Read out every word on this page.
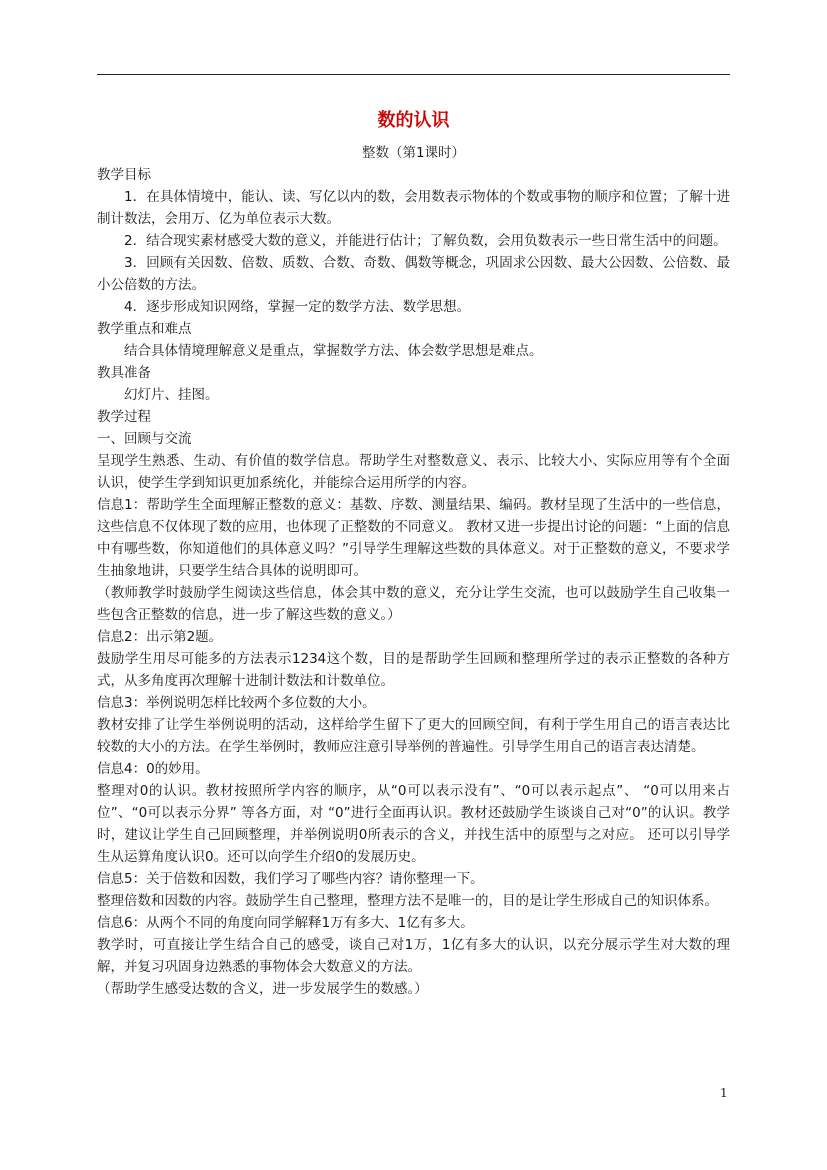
数的认识
整数（第1课时）

教学目标

1．在具体情境中，能认、读、写亿以内的数，会用数表示物体的个数或事物的顺序和位置；了解十进制计数法，会用万、亿为单位表示大数。

2．结合现实素材感受大数的意义，并能进行估计；了解负数，会用负数表示一些日常生活中的问题。

3．回顾有关因数、倍数、质数、合数、奇数、偶数等概念，巩固求公因数、最大公因数、公倍数、最小公倍数的方法。

4．逐步形成知识网络，掌握一定的数学方法、数学思想。

教学重点和难点

结合具体情境理解意义是重点，掌握数学方法、体会数学思想是难点。

教具准备

幻灯片、挂图。

教学过程

一、回顾与交流

呈现学生熟悉、生动、有价值的数学信息。帮助学生对整数意义、表示、比较大小、实际应用等有个全面认识，使学生学到知识更加系统化，并能综合运用所学的内容。

信息1：帮助学生全面理解正整数的意义：基数、序数、测量结果、编码。教材呈现了生活中的一些信息，这些信息不仅体现了数的应用，也体现了正整数的不同意义。 教材又进一步提出讨论的问题：“上面的信息中有哪些数，你知道他们的具体意义吗？”引导学生理解这些数的具体意义。对于正整数的意义，不要求学生抽象地讲，只要学生结合具体的说明即可。

（教师教学时鼓励学生阅读这些信息，体会其中数的意义，充分让学生交流，也可以鼓励学生自己收集一些包含正整数的信息，进一步了解这些数的意义。）

信息2：出示第2题。

鼓励学生用尽可能多的方法表示1234这个数，目的是帮助学生回顾和整理所学过的表示正整数的各种方式，从多角度再次理解十进制计数法和计数单位。

信息3：举例说明怎样比较两个多位数的大小。

教材安排了让学生举例说明的活动，这样给学生留下了更大的回顾空间，有利于学生用自己的语言表达比较数的大小的方法。在学生举例时，教师应注意引导举例的普遍性。引导学生用自己的语言表达清楚。

信息4：0的妙用。

整理对0的认识。教材按照所学内容的顺序，从“0可以表示没有”、“0可以表示起点”、 “0可以用来占位”、“0可以表示分界” 等各方面，对 “0”进行全面再认识。教材还鼓励学生谈谈自己对“0”的认识。教学时，建议让学生自己回顾整理，并举例说明0所表示的含义，并找生活中的原型与之对应。 还可以引导学生从运算角度认识0。还可以向学生介绍0的发展历史。

信息5：关于倍数和因数，我们学习了哪些内容？请你整理一下。

整理倍数和因数的内容。鼓励学生自己整理，整理方法不是唯一的，目的是让学生形成自己的知识体系。

信息6：从两个不同的角度向同学解释1万有多大、1亿有多大。

教学时，可直接让学生结合自己的感受，谈自己对1万，1亿有多大的认识，以充分展示学生对大数的理解，并复习巩固身边熟悉的事物体会大数意义的方法。

（帮助学生感受达数的含义，进一步发展学生的数感。）

1
